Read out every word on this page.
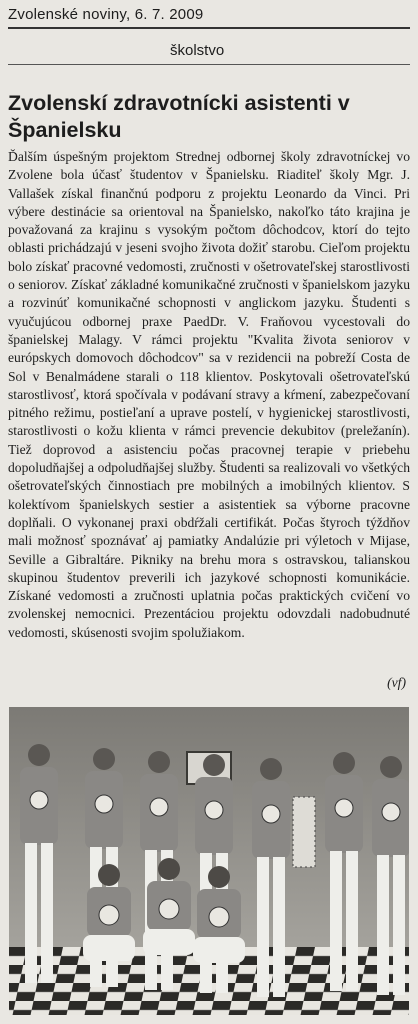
Zvolenské noviny, 6. 7. 2009
školstvo
Zvolenskí zdravotnícki asistenti v Španielsku

Ďalším úspešným projektom Strednej odbornej školy zdravotníckej vo Zvolene bola účasť študentov v Španielsku. Riaditeľ školy Mgr. J. Vallašek získal finančnú podporu z projektu Leonardo da Vinci. Pri výbere destinácie sa orientoval na Španielsko, nakoľko táto krajina je považovaná za krajinu s vysokým počtom dôchodcov, ktorí do tejto oblasti prichádzajú v jeseni svojho života dožiť starobu. Cieľom projektu bolo získať pracovné vedomosti, zručnosti v ošetrovateľskej starostlivosti o seniorov. Získať základné komunikačné zručnosti v španielskom jazyku a rozvinúť komunikačné schopnosti v anglickom jazyku. Študenti s vyučujúcou odbornej praxe PaedDr. V. Fraňovou vycestovali do španielskej Malagy. V rámci projektu "Kvalita života seniorov v európskych domovoch dôchodcov" sa v rezidencii na pobreží Costa de Sol v Benalmádene starali o 118 klientov. Poskytovali ošetrovateľskú starostlivosť, ktorá spočívala v podávaní stravy a kŕmení, zabezpečovaní pitného režimu, postieľaní a uprave postelí, v hygienickej starostlivosti, starostlivosti o kožu klienta v rámci prevencie dekubitov (preležanín). Tiež doprovod a asistenciu počas pracovnej terapie v priebehu dopoludňajšej a odpoludňajšej služby. Študenti sa realizovali vo všetkých ošetrovateľských činnostiach pre mobilných a imobilných klientov. S kolektívom španielskych sestier a asistentiek sa výborne pracovne doplňali. O vykonanej praxi obdŕžali certifikát. Počas štyroch týždňov mali možnosť spoznávať aj pamiatky Andalúzie pri výletoch v Mijase, Seville a Gibraltáre. Pikniky na brehu mora s ostravskou, talianskou skupinou študentov preverili ich jazykové schopnosti komunikácie. Získané vedomosti a zručnosti uplatnia počas praktických cvičení vo zvolenskej nemocnici. Prezentáciou projektu odovzdali nadobudnuté vedomosti, skúsenosti svojim spolužiakom.

(vf)
